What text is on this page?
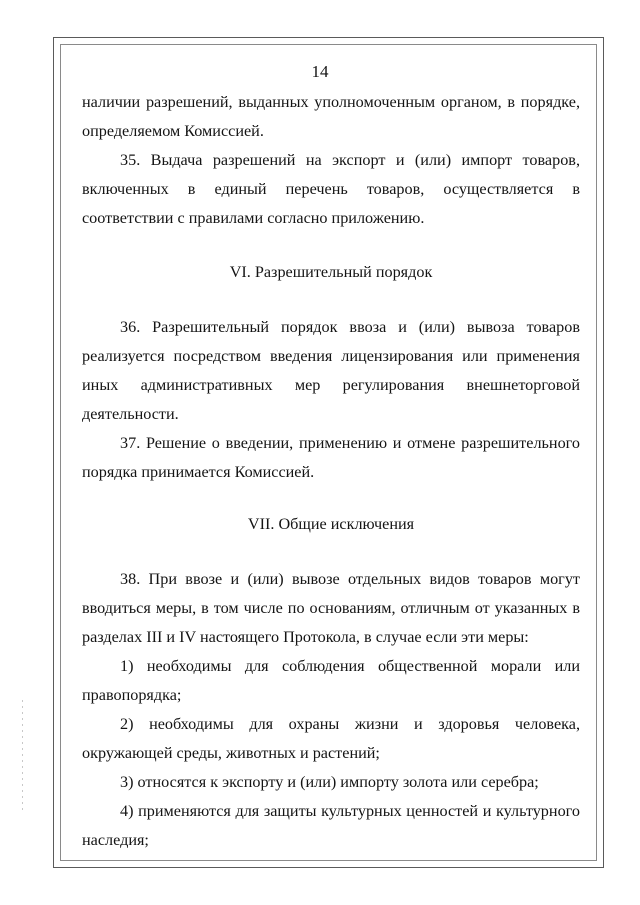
14

наличии разрешений, выданных уполномоченным органом, в порядке, определяемом Комиссией.

35. Выдача разрешений на экспорт и (или) импорт товаров, включенных в единый перечень товаров, осуществляется в соответствии с правилами согласно приложению.

VI. Разрешительный порядок

36. Разрешительный порядок ввоза и (или) вывоза товаров реализуется посредством введения лицензирования или применения иных административных мер регулирования внешнеторговой деятельности.

37. Решение о введении, применению и отмене разрешительного порядка принимается Комиссией.

VII. Общие исключения

38. При ввозе и (или) вывозе отдельных видов товаров могут вводиться меры, в том числе по основаниям, отличным от указанных в разделах III и IV настоящего Протокола, в случае если эти меры:

1) необходимы для соблюдения общественной морали или правопорядка;

2) необходимы для охраны жизни и здоровья человека, окружающей среды, животных и растений;

3) относятся к экспорту и (или) импорту золота или серебра;

4) применяются для защиты культурных ценностей и культурного наследия;
